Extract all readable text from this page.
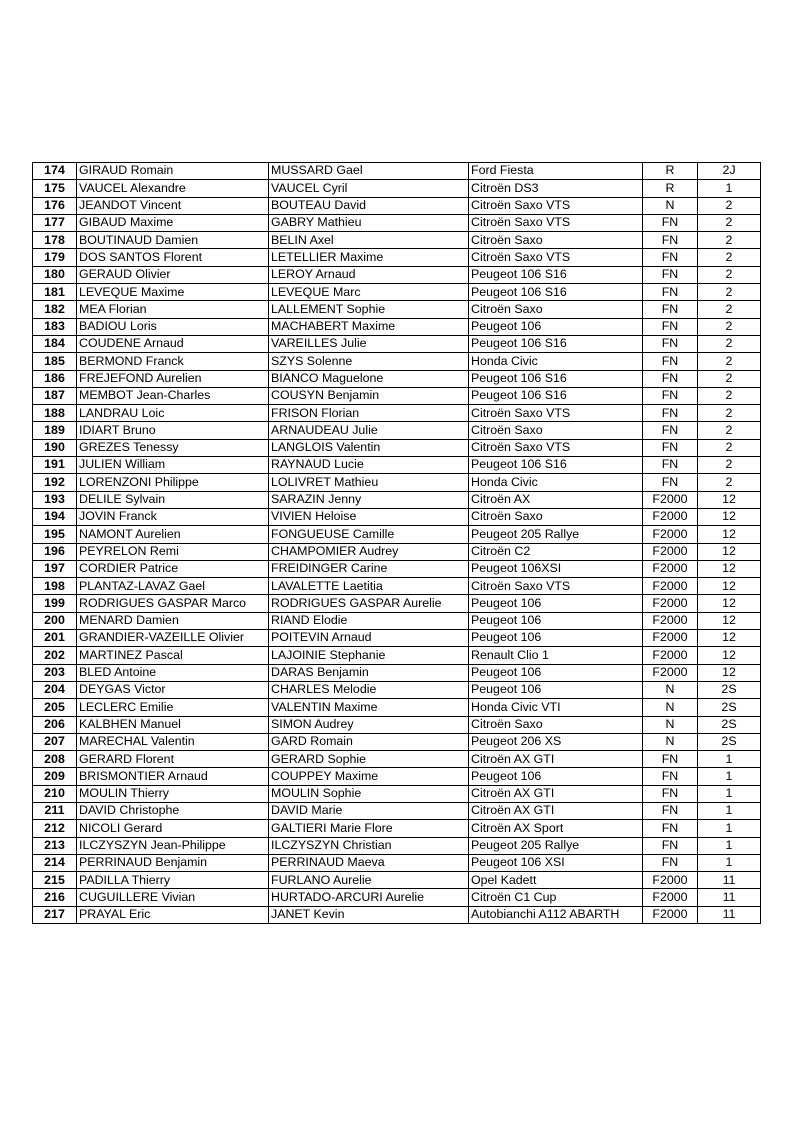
174	GIRAUD Romain	MUSSARD Gael	Ford Fiesta	R	2J
175	VAUCEL Alexandre	VAUCEL Cyril	Citroën DS3	R	1
176	JEANDOT Vincent	BOUTEAU David	Citroën Saxo VTS	N	2
177	GIBAUD Maxime	GABRY Mathieu	Citroën Saxo VTS	FN	2
178	BOUTINAUD Damien	BELIN Axel	Citroën Saxo	FN	2
179	DOS SANTOS Florent	LETELLIER Maxime	Citroën Saxo VTS	FN	2
180	GERAUD Olivier	LEROY Arnaud	Peugeot 106 S16	FN	2
181	LEVEQUE Maxime	LEVEQUE Marc	Peugeot 106 S16	FN	2
182	MEA Florian	LALLEMENT Sophie	Citroën Saxo	FN	2
183	BADIOU Loris	MACHABERT Maxime	Peugeot 106	FN	2
184	COUDENE Arnaud	VAREILLES Julie	Peugeot 106 S16	FN	2
185	BERMOND Franck	SZYS Solenne	Honda Civic	FN	2
186	FREJEFOND Aurelien	BIANCO Maguelone	Peugeot 106 S16	FN	2
187	MEMBOT Jean-Charles	COUSYN Benjamin	Peugeot 106 S16	FN	2
188	LANDRAU Loic	FRISON Florian	Citroën Saxo VTS	FN	2
189	IDIART Bruno	ARNAUDEAU Julie	Citroën Saxo	FN	2
190	GREZES Tenessy	LANGLOIS Valentin	Citroën Saxo VTS	FN	2
191	JULIEN William	RAYNAUD Lucie	Peugeot 106 S16	FN	2
192	LORENZONI Philippe	LOLIVRET Mathieu	Honda Civic	FN	2
193	DELILE Sylvain	SARAZIN Jenny	Citroën AX	F2000	12
194	JOVIN Franck	VIVIEN Heloise	Citroën Saxo	F2000	12
195	NAMONT Aurelien	FONGUEUSE Camille	Peugeot 205 Rallye	F2000	12
196	PEYRELON Remi	CHAMPOMIER Audrey	Citroën C2	F2000	12
197	CORDIER Patrice	FREIDINGER Carine	Peugeot 106XSI	F2000	12
198	PLANTAZ-LAVAZ Gael	LAVALETTE Laetitia	Citroën Saxo VTS	F2000	12
199	RODRIGUES GASPAR Marco	RODRIGUES GASPAR Aurelie	Peugeot 106	F2000	12
200	MENARD Damien	RIAND Elodie	Peugeot 106	F2000	12
201	GRANDIER-VAZEILLE Olivier	POITEVIN Arnaud	Peugeot 106	F2000	12
202	MARTINEZ Pascal	LAJOINIE Stephanie	Renault Clio 1	F2000	12
203	BLED Antoine	DARAS Benjamin	Peugeot 106	F2000	12
204	DEYGAS Victor	CHARLES Melodie	Peugeot 106	N	2S
205	LECLERC Emilie	VALENTIN Maxime	Honda Civic VTI	N	2S
206	KALBHEN Manuel	SIMON Audrey	Citroën Saxo	N	2S
207	MARECHAL Valentin	GARD Romain	Peugeot 206 XS	N	2S
208	GERARD Florent	GERARD Sophie	Citroën AX GTI	FN	1
209	BRISMONTIER Arnaud	COUPPEY Maxime	Peugeot 106	FN	1
210	MOULIN Thierry	MOULIN Sophie	Citroën AX GTI	FN	1
211	DAVID Christophe	DAVID Marie	Citroën AX GTI	FN	1
212	NICOLI Gerard	GALTIERI Marie Flore	Citroën AX Sport	FN	1
213	ILCZYSZYN Jean-Philippe	ILCZYSZYN Christian	Peugeot 205 Rallye	FN	1
214	PERRINAUD Benjamin	PERRINAUD Maeva	Peugeot 106 XSI	FN	1
215	PADILLA Thierry	FURLANO Aurelie	Opel Kadett	F2000	11
216	CUGUILLERE Vivian	HURTADO-ARCURI Aurelie	Citroën C1 Cup	F2000	11
217	PRAYAL Eric	JANET Kevin	Autobianchi A112 ABARTH	F2000	11
